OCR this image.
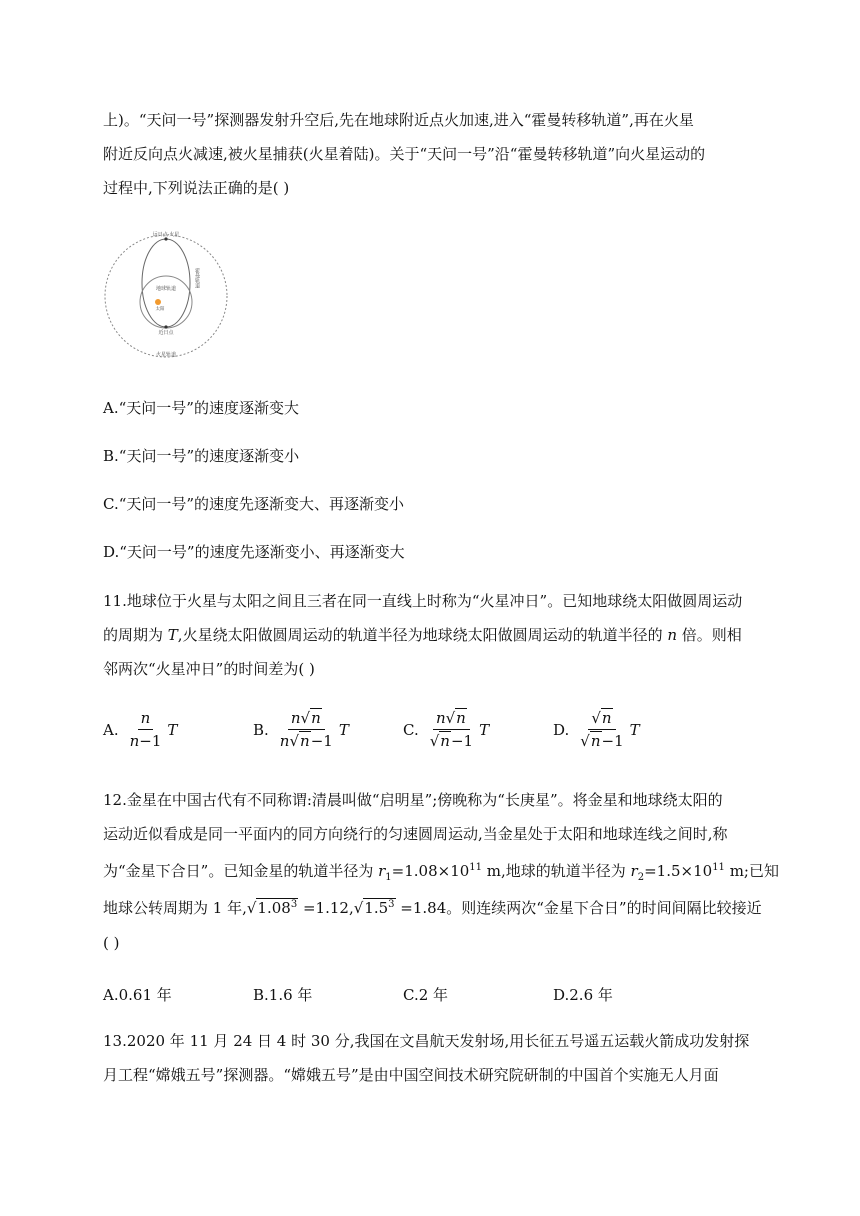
上)。“天问一号”探测器发射升空后,先在地球附近点火加速,进入“霍曼转移轨道”,再在火星
附近反向点火减速,被火星捕获(火星着陆)。关于“天问一号”沿“霍曼转移轨道”向火星运动的
过程中,下列说法正确的是( )
远日点·火星
霍曼轨道
地球轨道
太阳
近日点
火星轨道
A.“天问一号”的速度逐渐变大
B.“天问一号”的速度逐渐变小
C.“天问一号”的速度先逐渐变大、再逐渐变小
D.“天问一号”的速度先逐渐变小、再逐渐变大
11.地球位于火星与太阳之间且三者在同一直线上时称为“火星冲日”。已知地球绕太阳做圆周运动
的周期为 T,火星绕太阳做圆周运动的轨道半径为地球绕太阳做圆周运动的轨道半径的 n 倍。则相
邻两次“火星冲日”的时间差为( )
A. $\frac{n}{n-1}$ T	B. $\frac{n√n}{n√n-1}$ T	C. $\frac{n√n}{√n-1}$ T	D. $\frac{√n}{√n-1}$ T
12.金星在中国古代有不同称谓:清晨叫做“启明星”;傍晚称为“长庚星”。将金星和地球绕太阳的
运动近似看成是同一平面内的同方向绕行的匀速圆周运动,当金星处于太阳和地球连线之间时,称
为“金星下合日”。已知金星的轨道半径为 $r_1=1.08\times 10^{11}$ m,地球的轨道半径为 $r_2=1.5\times 10^{11}$ m;已知
地球公转周期为 1 年$,√1.08^3 =1.12,√1.5^3 =1.84$。则连续两次“金星下合日”的时间间隔比较接近
( )
A.0.61 年	B.1.6 年	C.2 年	D.2.6 年
13.2020 年 11 月 24 日 4 时 30 分,我国在文昌航天发射场,用长征五号遥五运载火箭成功发射探
月工程“嫦娥五号”探测器。“嫦娥五号”是由中国空间技术研究院研制的中国首个实施无人月面
